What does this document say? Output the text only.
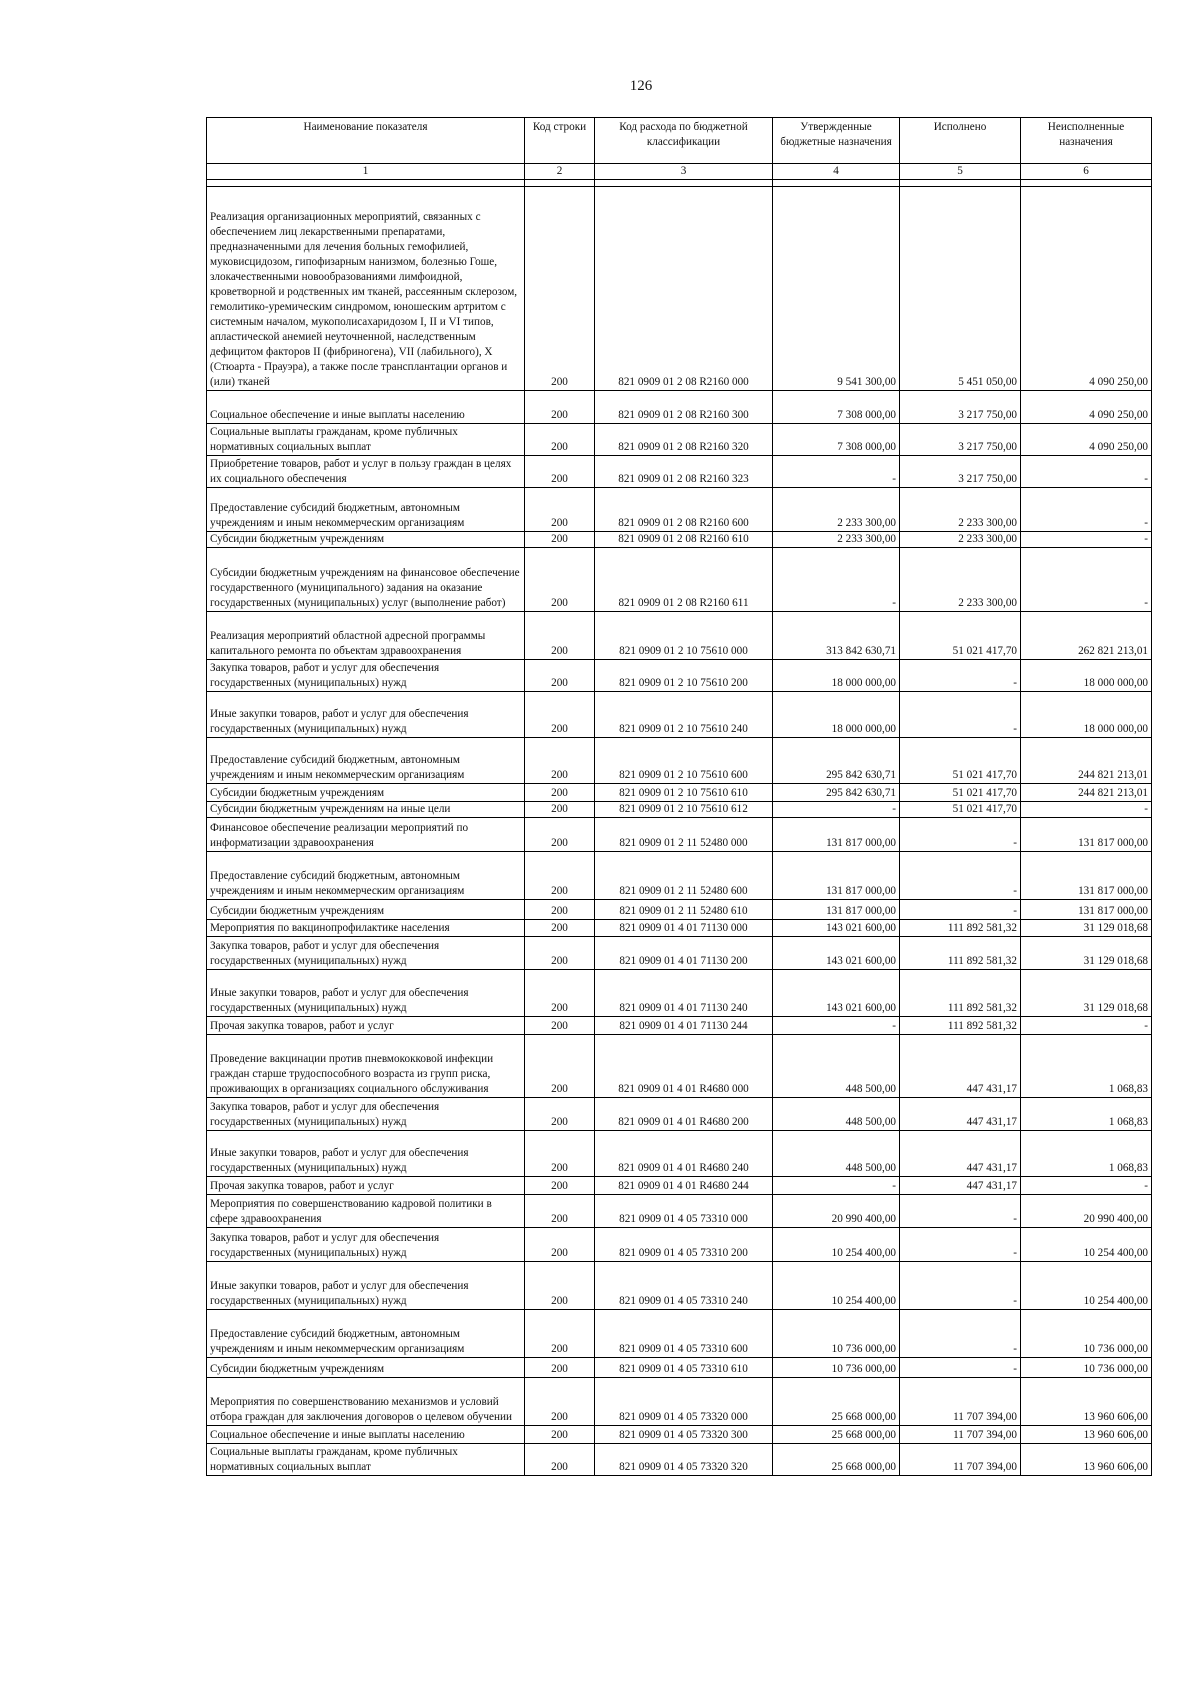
126
Наименование показателя	Код строки	Код расхода по бюджетной классификации	Утвержденные бюджетные назначения	Исполнено	Неисполненные назначения
1	2	3	4	5	6

Реализация организационных мероприятий, связанных с обеспечением лиц лекарственными препаратами, предназначенными для лечения больных гемофилией, муковисцидозом, гипофизарным нанизмом, болезнью Гоше, злокачественными новообразованиями лимфоидной, кроветворной и родственных им тканей, рассеянным склерозом, гемолитико-уремическим синдромом, юношеским артритом с системным началом, мукополисахаридозом I, II и VI типов, апластической анемией неуточненной, наследственным дефицитом факторов II (фибриногена), VII (лабильного), X (Стюарта - Прауэра), а также после трансплантации органов и (или) тканей	200	821 0909 01 2 08 R2160 000	9 541 300,00	5 451 050,00	4 090 250,00
Социальное обеспечение и иные выплаты населению	200	821 0909 01 2 08 R2160 300	7 308 000,00	3 217 750,00	4 090 250,00
Социальные выплаты гражданам, кроме публичных нормативных социальных выплат	200	821 0909 01 2 08 R2160 320	7 308 000,00	3 217 750,00	4 090 250,00
Приобретение товаров, работ и услуг в пользу граждан в целях их социального обеспечения	200	821 0909 01 2 08 R2160 323	-	3 217 750,00	-
Предоставление субсидий бюджетным, автономным учреждениям и иным некоммерческим организациям	200	821 0909 01 2 08 R2160 600	2 233 300,00	2 233 300,00	-
Субсидии бюджетным учреждениям	200	821 0909 01 2 08 R2160 610	2 233 300,00	2 233 300,00	-
Субсидии бюджетным учреждениям на финансовое обеспечение государственного (муниципального) задания на оказание государственных (муниципальных) услуг (выполнение работ)	200	821 0909 01 2 08 R2160 611	-	2 233 300,00	-
Реализация мероприятий областной адресной программы капитального ремонта по объектам здравоохранения	200	821 0909 01 2 10 75610 000	313 842 630,71	51 021 417,70	262 821 213,01
Закупка товаров, работ и услуг для обеспечения государственных (муниципальных) нужд	200	821 0909 01 2 10 75610 200	18 000 000,00	-	18 000 000,00
Иные закупки товаров, работ и услуг для обеспечения государственных (муниципальных) нужд	200	821 0909 01 2 10 75610 240	18 000 000,00	-	18 000 000,00
Предоставление субсидий бюджетным, автономным учреждениям и иным некоммерческим организациям	200	821 0909 01 2 10 75610 600	295 842 630,71	51 021 417,70	244 821 213,01
Субсидии бюджетным учреждениям	200	821 0909 01 2 10 75610 610	295 842 630,71	51 021 417,70	244 821 213,01
Субсидии бюджетным учреждениям на иные цели	200	821 0909 01 2 10 75610 612	-	51 021 417,70	-
Финансовое обеспечение реализации мероприятий по информатизации здравоохранения	200	821 0909 01 2 11 52480 000	131 817 000,00	-	131 817 000,00
Предоставление субсидий бюджетным, автономным учреждениям и иным некоммерческим организациям	200	821 0909 01 2 11 52480 600	131 817 000,00	-	131 817 000,00
Субсидии бюджетным учреждениям	200	821 0909 01 2 11 52480 610	131 817 000,00	-	131 817 000,00
Мероприятия по вакцинопрофилактике населения	200	821 0909 01 4 01 71130 000	143 021 600,00	111 892 581,32	31 129 018,68
Закупка товаров, работ и услуг для обеспечения государственных (муниципальных) нужд	200	821 0909 01 4 01 71130 200	143 021 600,00	111 892 581,32	31 129 018,68
Иные закупки товаров, работ и услуг для обеспечения государственных (муниципальных) нужд	200	821 0909 01 4 01 71130 240	143 021 600,00	111 892 581,32	31 129 018,68
Прочая закупка товаров, работ и услуг	200	821 0909 01 4 01 71130 244	-	111 892 581,32	-
Проведение вакцинации против пневмококковой инфекции граждан старше трудоспособного возраста из групп риска, проживающих в организациях социального обслуживания	200	821 0909 01 4 01 R4680 000	448 500,00	447 431,17	1 068,83
Закупка товаров, работ и услуг для обеспечения государственных (муниципальных) нужд	200	821 0909 01 4 01 R4680 200	448 500,00	447 431,17	1 068,83
Иные закупки товаров, работ и услуг для обеспечения государственных (муниципальных) нужд	200	821 0909 01 4 01 R4680 240	448 500,00	447 431,17	1 068,83
Прочая закупка товаров, работ и услуг	200	821 0909 01 4 01 R4680 244	-	447 431,17	-
Мероприятия по совершенствованию кадровой политики в сфере здравоохранения	200	821 0909 01 4 05 73310 000	20 990 400,00	-	20 990 400,00
Закупка товаров, работ и услуг для обеспечения государственных (муниципальных) нужд	200	821 0909 01 4 05 73310 200	10 254 400,00	-	10 254 400,00
Иные закупки товаров, работ и услуг для обеспечения государственных (муниципальных) нужд	200	821 0909 01 4 05 73310 240	10 254 400,00	-	10 254 400,00
Предоставление субсидий бюджетным, автономным учреждениям и иным некоммерческим организациям	200	821 0909 01 4 05 73310 600	10 736 000,00	-	10 736 000,00
Субсидии бюджетным учреждениям	200	821 0909 01 4 05 73310 610	10 736 000,00	-	10 736 000,00
Мероприятия по совершенствованию механизмов и условий отбора граждан для заключения договоров о целевом обучении	200	821 0909 01 4 05 73320 000	25 668 000,00	11 707 394,00	13 960 606,00
Социальное обеспечение и иные выплаты населению	200	821 0909 01 4 05 73320 300	25 668 000,00	11 707 394,00	13 960 606,00
Социальные выплаты гражданам, кроме публичных нормативных социальных выплат	200	821 0909 01 4 05 73320 320	25 668 000,00	11 707 394,00	13 960 606,00
